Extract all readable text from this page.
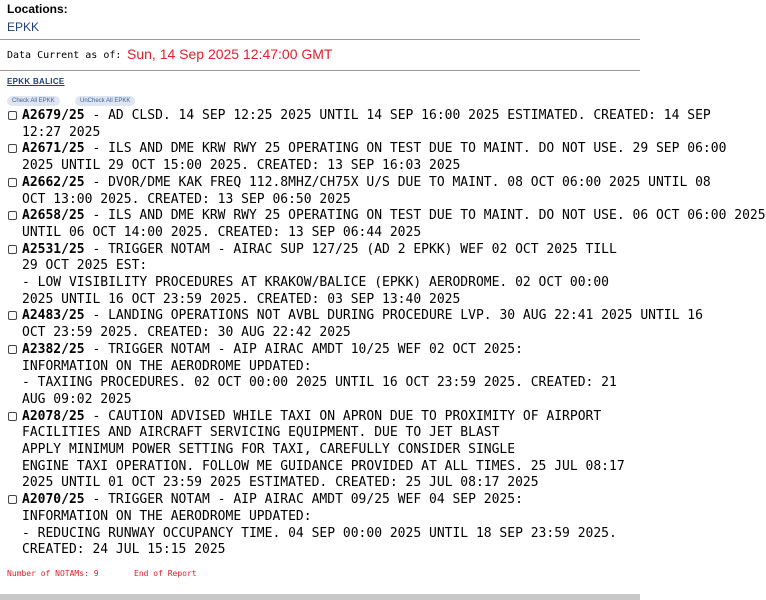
Locations:
EPKK
Data Current as of: Sun, 14 Sep 2025 12:47:00 GMT
EPKK BALICE
Check All EPKK	UnCheck All EPKK
A2679/25 - AD CLSD. 14 SEP 12:25 2025 UNTIL 14 SEP 16:00 2025 ESTIMATED. CREATED: 14 SEP
12:27 2025
A2671/25 - ILS AND DME KRW RWY 25 OPERATING ON TEST DUE TO MAINT. DO NOT USE. 29 SEP 06:00
2025 UNTIL 29 OCT 15:00 2025. CREATED: 13 SEP 16:03 2025
A2662/25 - DVOR/DME KAK FREQ 112.8MHZ/CH75X U/S DUE TO MAINT. 08 OCT 06:00 2025 UNTIL 08
OCT 13:00 2025. CREATED: 13 SEP 06:50 2025
A2658/25 - ILS AND DME KRW RWY 25 OPERATING ON TEST DUE TO MAINT. DO NOT USE. 06 OCT 06:00 2025
UNTIL 06 OCT 14:00 2025. CREATED: 13 SEP 06:44 2025
A2531/25 - TRIGGER NOTAM - AIRAC SUP 127/25 (AD 2 EPKK) WEF 02 OCT 2025 TILL
29 OCT 2025 EST:
- LOW VISIBILITY PROCEDURES AT KRAKOW/BALICE (EPKK) AERODROME. 02 OCT 00:00
2025 UNTIL 16 OCT 23:59 2025. CREATED: 03 SEP 13:40 2025
A2483/25 - LANDING OPERATIONS NOT AVBL DURING PROCEDURE LVP. 30 AUG 22:41 2025 UNTIL 16
OCT 23:59 2025. CREATED: 30 AUG 22:42 2025
A2382/25 - TRIGGER NOTAM - AIP AIRAC AMDT 10/25 WEF 02 OCT 2025:
INFORMATION ON THE AERODROME UPDATED:
- TAXIING PROCEDURES. 02 OCT 00:00 2025 UNTIL 16 OCT 23:59 2025. CREATED: 21
AUG 09:02 2025
A2078/25 - CAUTION ADVISED WHILE TAXI ON APRON DUE TO PROXIMITY OF AIRPORT
FACILITIES AND AIRCRAFT SERVICING EQUIPMENT. DUE TO JET BLAST
APPLY MINIMUM POWER SETTING FOR TAXI, CAREFULLY CONSIDER SINGLE
ENGINE TAXI OPERATION. FOLLOW ME GUIDANCE PROVIDED AT ALL TIMES. 25 JUL 08:17
2025 UNTIL 01 OCT 23:59 2025 ESTIMATED. CREATED: 25 JUL 08:17 2025
A2070/25 - TRIGGER NOTAM - AIP AIRAC AMDT 09/25 WEF 04 SEP 2025:
INFORMATION ON THE AERODROME UPDATED:
- REDUCING RUNWAY OCCUPANCY TIME. 04 SEP 00:00 2025 UNTIL 18 SEP 23:59 2025.
CREATED: 24 JUL 15:15 2025
Number of NOTAMs: 9	End of Report
